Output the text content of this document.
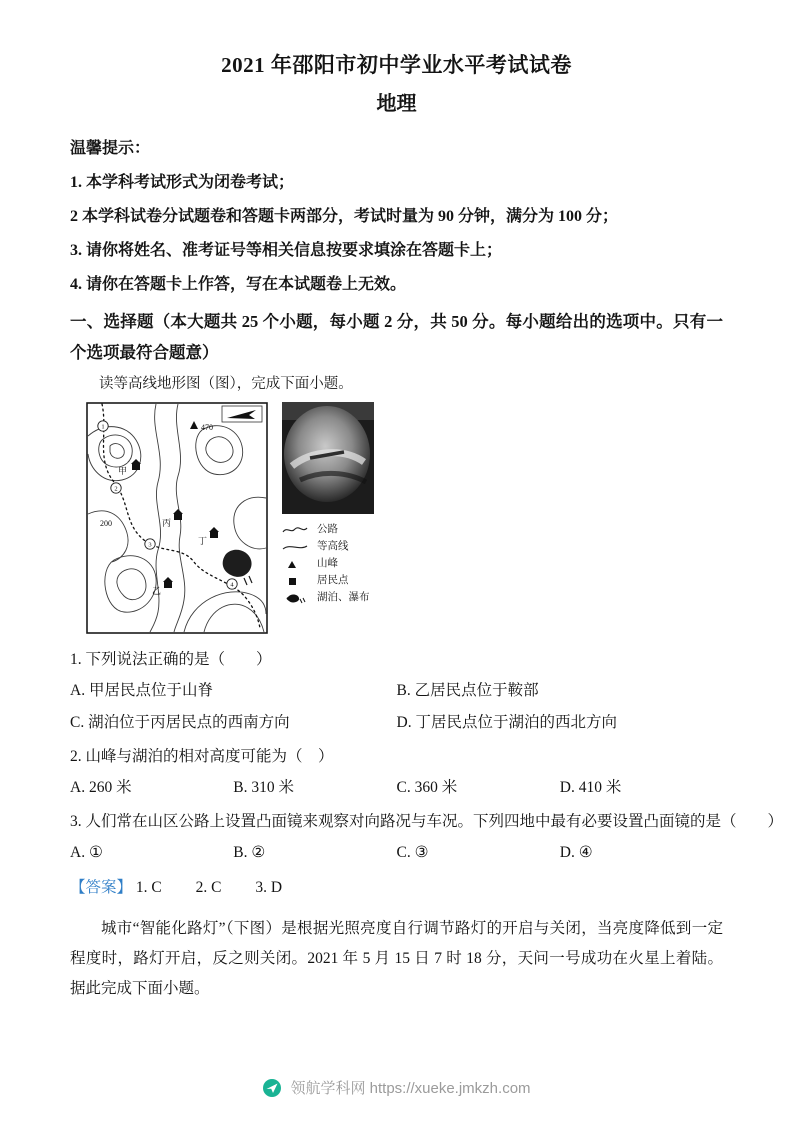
2021 年邵阳市初中学业水平考试试卷
地理

温馨提示：

1. 本学科考试形式为闭卷考试；

2 本学科试卷分试题卷和答题卡两部分，考试时量为 90 分钟，满分为 100 分；

3. 请你将姓名、准考证号等相关信息按要求填涂在答题卡上；

4. 请你在答题卡上作答，写在本试题卷上无效。

一、选择题（本大题共 25 个小题，每小题 2 分，共 50 分。每小题给出的选项中。只有一个选项最符合题意）

读等高线地形图（图），完成下面小题。

470
200
甲
乙
丙
丁
1
2
3
4
公路
等高线
山峰
居民点
湖泊、瀑布

1. 下列说法正确的是（　　）

A. 甲居民点位于山脊	B. 乙居民点位于鞍部
C. 湖泊位于丙居民点的西南方向	D. 丁居民点位于湖泊的西北方向

2. 山峰与湖泊的相对高度可能为（　）

A. 260 米	B. 310 米	C. 360 米	D. 410 米

3. 人们常在山区公路上设置凸面镜来观察对向路况与车况。下列四地中最有必要设置凸面镜的是（　　）

A. ①	B. ②	C. ③	D. ④

【答案】 1. C 2. C 3. D

城市“智能化路灯”（下图）是根据光照亮度自行调节路灯的开启与关闭，当亮度降低到一定程度时，路灯开启，反之则关闭。2021 年 5 月 15 日 7 时 18 分，天问一号成功在火星上着陆。据此完成下面小题。

领航学科网 https://xueke.jmkzh.com
